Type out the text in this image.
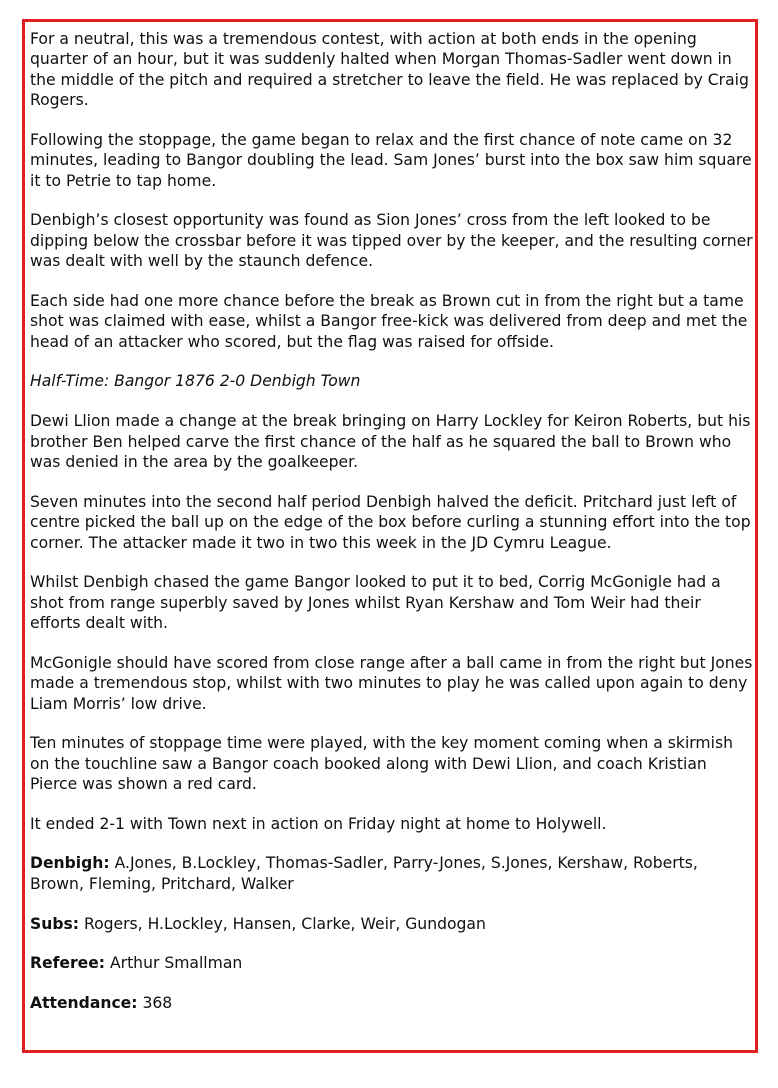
For a neutral, this was a tremendous contest, with action at both ends in the opening quarter of an hour, but it was suddenly halted when Morgan Thomas-Sadler went down in the middle of the pitch and required a stretcher to leave the field. He was replaced by Craig Rogers.

Following the stoppage, the game began to relax and the first chance of note came on 32 minutes, leading to Bangor doubling the lead. Sam Jones’ burst into the box saw him square it to Petrie to tap home.

Denbigh’s closest opportunity was found as Sion Jones’ cross from the left looked to be dipping below the crossbar before it was tipped over by the keeper, and the resulting corner was dealt with well by the staunch defence.

Each side had one more chance before the break as Brown cut in from the right but a tame shot was claimed with ease, whilst a Bangor free-kick was delivered from deep and met the head of an attacker who scored, but the flag was raised for offside.

Half-Time: Bangor 1876 2-0 Denbigh Town

Dewi Llion made a change at the break bringing on Harry Lockley for Keiron Roberts, but his brother Ben helped carve the first chance of the half as he squared the ball to Brown who was denied in the area by the goalkeeper.

Seven minutes into the second half period Denbigh halved the deficit. Pritchard just left of centre picked the ball up on the edge of the box before curling a stunning effort into the top corner. The attacker made it two in two this week in the JD Cymru League.

Whilst Denbigh chased the game Bangor looked to put it to bed, Corrig McGonigle had a shot from range superbly saved by Jones whilst Ryan Kershaw and Tom Weir had their efforts dealt with.

McGonigle should have scored from close range after a ball came in from the right but Jones made a tremendous stop, whilst with two minutes to play he was called upon again to deny Liam Morris’ low drive.

Ten minutes of stoppage time were played, with the key moment coming when a skirmish on the touchline saw a Bangor coach booked along with Dewi Llion, and coach Kristian Pierce was shown a red card.

It ended 2-1 with Town next in action on Friday night at home to Holywell.

Denbigh: A.Jones, B.Lockley, Thomas-Sadler, Parry-Jones, S.Jones, Kershaw, Roberts, Brown, Fleming, Pritchard, Walker

Subs: Rogers, H.Lockley, Hansen, Clarke, Weir, Gundogan

Referee: Arthur Smallman

Attendance: 368
